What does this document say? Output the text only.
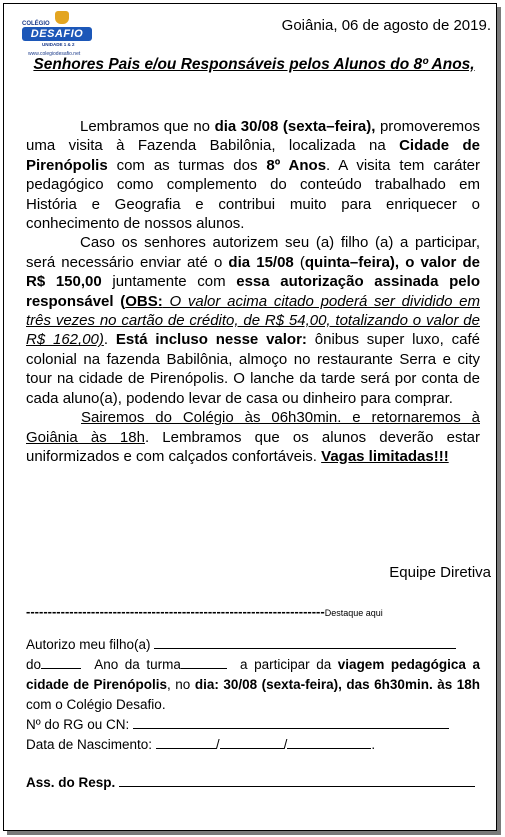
COLÉGIO
DESAFIO
UNIDADE 1 & 2
www.colegiodesafio.net
Goiânia, 06 de agosto de 2019.
Senhores Pais e/ou Responsáveis pelos Alunos do 8º Anos,

Lembramos que no dia 30/08 (sexta–feira), promoveremos uma visita à Fazenda Babilônia, localizada na Cidade de Pirenópolis com as turmas dos 8º Anos. A visita tem caráter pedagógico como complemento do conteúdo trabalhado em História e Geografia e contribui muito para enriquecer o conhecimento de nossos alunos.

Caso os senhores autorizem seu (a) filho (a) a participar, será necessário enviar até o dia 15/08 (quinta–feira), o valor de R$ 150,00 juntamente com essa autorização assinada pelo responsável (OBS: O valor acima citado poderá ser dividido em três vezes no cartão de crédito, de R$ 54,00, totalizando o valor de R$ 162,00). Está incluso nesse valor: ônibus super luxo, café colonial na fazenda Babilônia, almoço no restaurante Serra e city tour na cidade de Pirenópolis. O lanche da tarde será por conta de cada aluno(a), podendo levar de casa ou dinheiro para comprar.

Sairemos do Colégio às 06h30min. e retornaremos à Goiânia às 18h. Lembramos que os alunos deverão estar uniformizados e com calçados confortáveis. Vagas limitadas!!!

Equipe Diretiva
---------------------------------------------------------------------Destaque aqui

Autorizo meu filho(a)

do	Ano da turma	a participar da viagem pedagógica a cidade de Pirenópolis, no dia: 30/08 (sexta-feira), das 6h30min. às 18h com o Colégio Desafio.

Nº do RG ou CN:

Data de Nascimento:	/	/	.

Ass. do Resp.
